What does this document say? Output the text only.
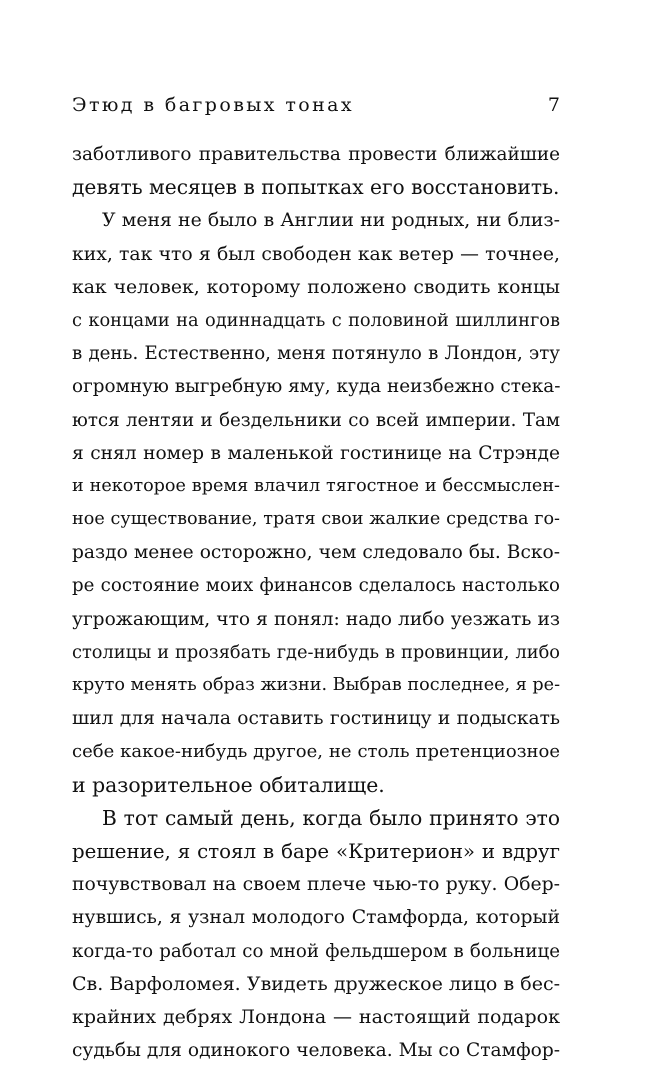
Этюд в багровых тонах	7
заботливого правительства провести ближайшие
девять месяцев в попытках его восстановить.
У меня не было в Англии ни родных, ни близ-
ких, так что я был свободен как ветер — точнее,
как человек, которому положено сводить концы
с концами на одиннадцать с половиной шиллингов
в день. Естественно, меня потянуло в Лондон, эту
огромную выгребную яму, куда неизбежно стека-
ются лентяи и бездельники со всей империи. Там
я снял номер в маленькой гостинице на Стрэнде
и некоторое время влачил тягостное и бессмыслен-
ное существование, тратя свои жалкие средства го-
раздо менее осторожно, чем следовало бы. Вско-
ре состояние моих финансов сделалось настолько
угрожающим, что я понял: надо либо уезжать из
столицы и прозябать где-нибудь в провинции, либо
круто менять образ жизни. Выбрав последнее, я ре-
шил для начала оставить гостиницу и подыскать
себе какое-нибудь другое, не столь претенциозное
и разорительное обиталище.
В тот самый день, когда было принято это
решение, я стоял в баре «Критерион» и вдруг
почувствовал на своем плече чью-то руку. Обер-
нувшись, я узнал молодого Стамфорда, который
когда-то работал со мной фельдшером в больнице
Св. Варфоломея. Увидеть дружеское лицо в бес-
крайних дебрях Лондона — настоящий подарок
судьбы для одинокого человека. Мы со Стамфор-
